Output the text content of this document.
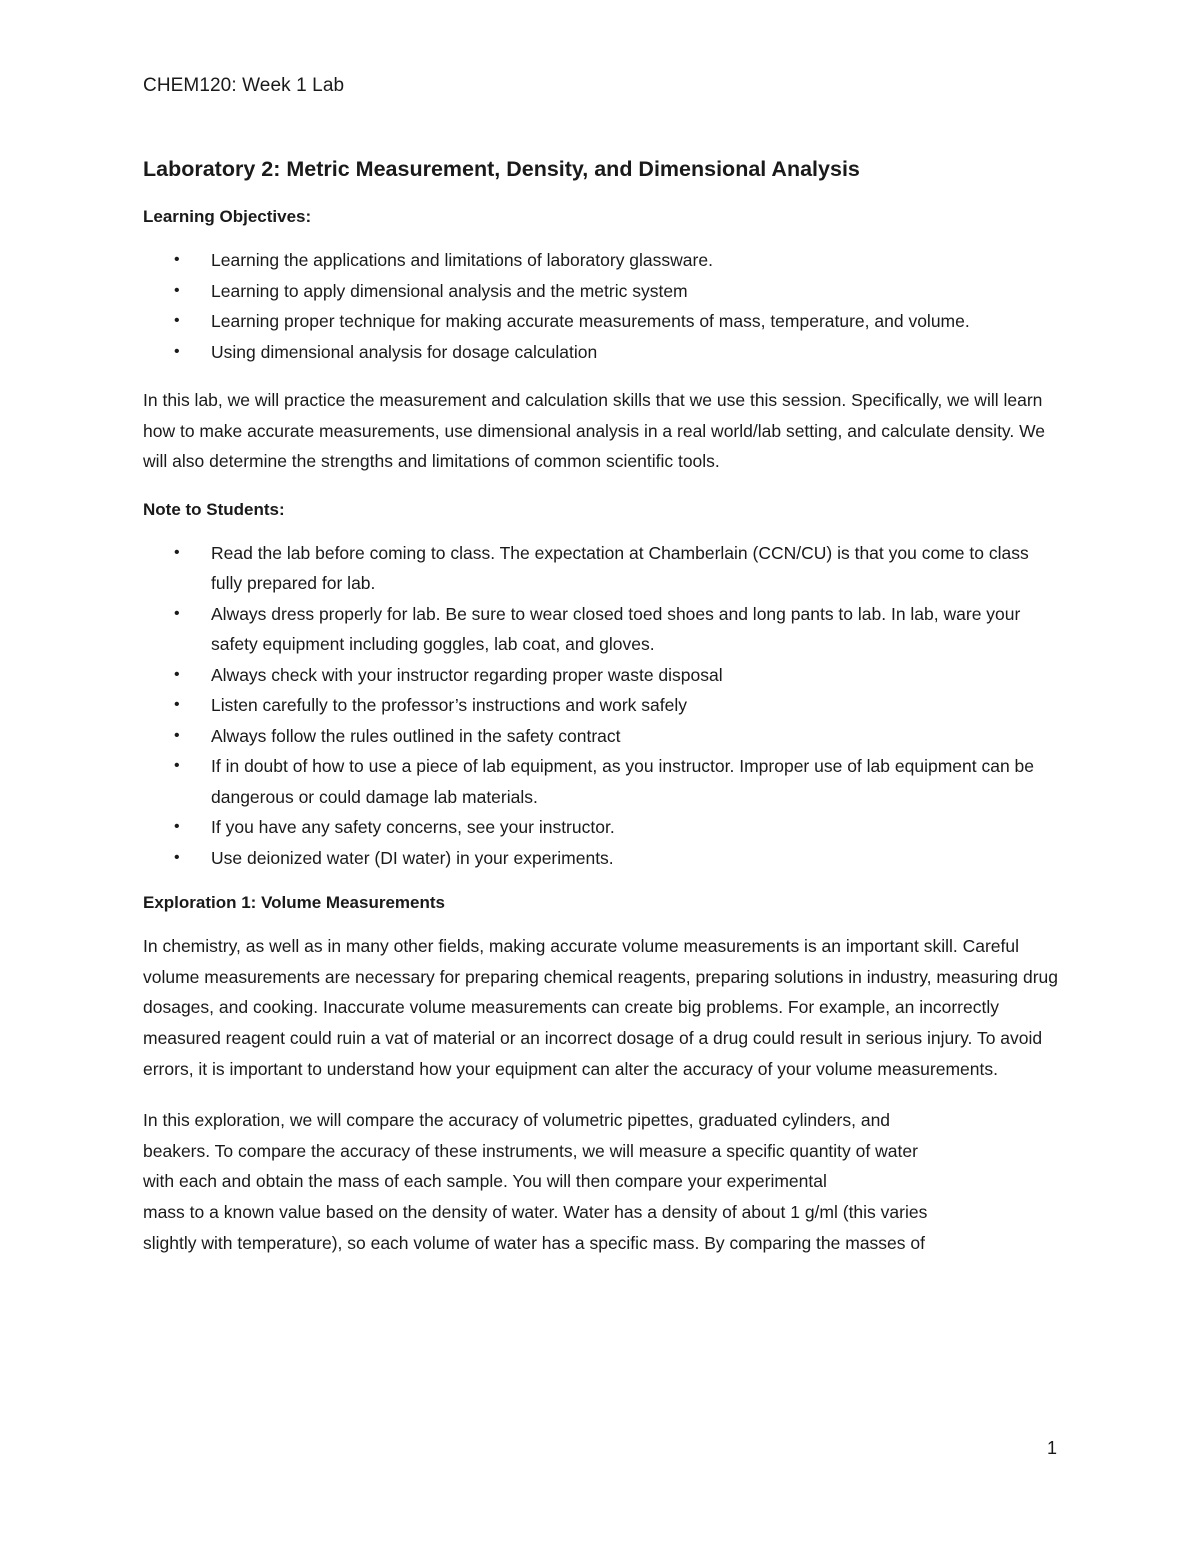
CHEM120: Week 1 Lab
Laboratory 2: Metric Measurement, Density, and Dimensional Analysis
Learning Objectives:
• Learning the applications and limitations of laboratory glassware.
• Learning to apply dimensional analysis and the metric system
• Learning proper technique for making accurate measurements of mass, temperature, and volume.
• Using dimensional analysis for dosage calculation

In this lab, we will practice the measurement and calculation skills that we use this session. Specifically, we will learn how to make accurate measurements, use dimensional analysis in a real world/lab setting, and calculate density. We will also determine the strengths and limitations of common scientific tools.

Note to Students:
• Read the lab before coming to class. The expectation at Chamberlain (CCN/CU) is that you come to class fully prepared for lab.
• Always dress properly for lab. Be sure to wear closed toed shoes and long pants to lab. In lab, ware your safety equipment including goggles, lab coat, and gloves.
• Always check with your instructor regarding proper waste disposal
• Listen carefully to the professor’s instructions and work safely
• Always follow the rules outlined in the safety contract
• If in doubt of how to use a piece of lab equipment, as you instructor. Improper use of lab equipment can be dangerous or could damage lab materials.
• If you have any safety concerns, see your instructor.
• Use deionized water (DI water) in your experiments.
Exploration 1: Volume Measurements

In chemistry, as well as in many other fields, making accurate volume measurements is an important skill. Careful volume measurements are necessary for preparing chemical reagents, preparing solutions in industry, measuring drug dosages, and cooking. Inaccurate volume measurements can create big problems. For example, an incorrectly measured reagent could ruin a vat of material or an incorrect dosage of a drug could result in serious injury. To avoid errors, it is important to understand how your equipment can alter the accuracy of your volume measurements.

In this exploration, we will compare the accuracy of volumetric pipettes, graduated cylinders, and
beakers. To compare the accuracy of these instruments, we will measure a specific quantity of water
with each and obtain the mass of each sample. You will then compare your experimental
mass to a known value based on the density of water. Water has a density of about 1 g/ml (this varies
slightly with temperature), so each volume of water has a specific mass. By comparing the masses of

1
